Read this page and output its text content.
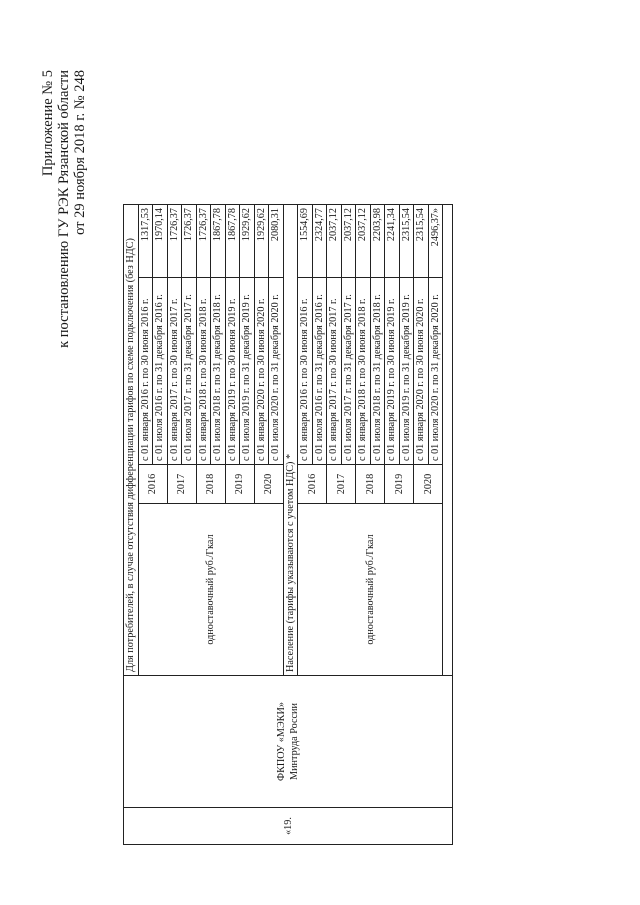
Приложение № 5 к постановлению ГУ РЭК Рязанской области от 29 ноября 2018 г. № 248
«19.	ФКПОУ «МЭКИ» Минтруда России	Для потребителей, в случае отсутствия дифференциации тарифов по схеме подключения (без НДС)			
		одноставочный руб./Гкал	2016	с 01 января 2016 г. по 30 июня 2016 г.	1317,53
				с 01 июля 2016 г. по 31 декабря 2016 г.	1970,14
			2017	с 01 января 2017 г. по 30 июня 2017 г.	1726,37
				с 01 июля 2017 г. по 31 декабря 2017 г.	1726,37
			2018	с 01 января 2018 г. по 30 июня 2018 г.	1726,37
				с 01 июля 2018 г. по 31 декабря 2018 г.	1867,78
			2019	с 01 января 2019 г. по 30 июня 2019 г.	1867,78
				с 01 июля 2019 г. по 31 декабря 2019 г.	1929,62
			2020	с 01 января 2020 г. по 30 июня 2020 г.	1929,62
				с 01 июля 2020 г. по 31 декабря 2020 г.	2080,31
		Население (тарифы указываются с учетом НДС) *			
		одноставочный руб./Гкал	2016	с 01 января 2016 г. по 30 июня 2016 г.	1554,69
				с 01 июля 2016 г. по 31 декабря 2016 г.	2324,77
			2017	с 01 января 2017 г. по 30 июня 2017 г.	2037,12
				с 01 июля 2017 г. по 31 декабря 2017 г.	2037,12
			2018	с 01 января 2018 г. по 30 июня 2018 г.	2037,12
				с 01 июля 2018 г. по 31 декабря 2018 г.	2203,98
			2019	с 01 января 2019 г. по 30 июня 2019 г.	2241,34
				с 01 июля 2019 г. по 31 декабря 2019 г.	2315,54
			2020	с 01 января 2020 г. по 30 июня 2020 г.	2315,54
				с 01 июля 2020 г. по 31 декабря 2020 г.	2496,37»
